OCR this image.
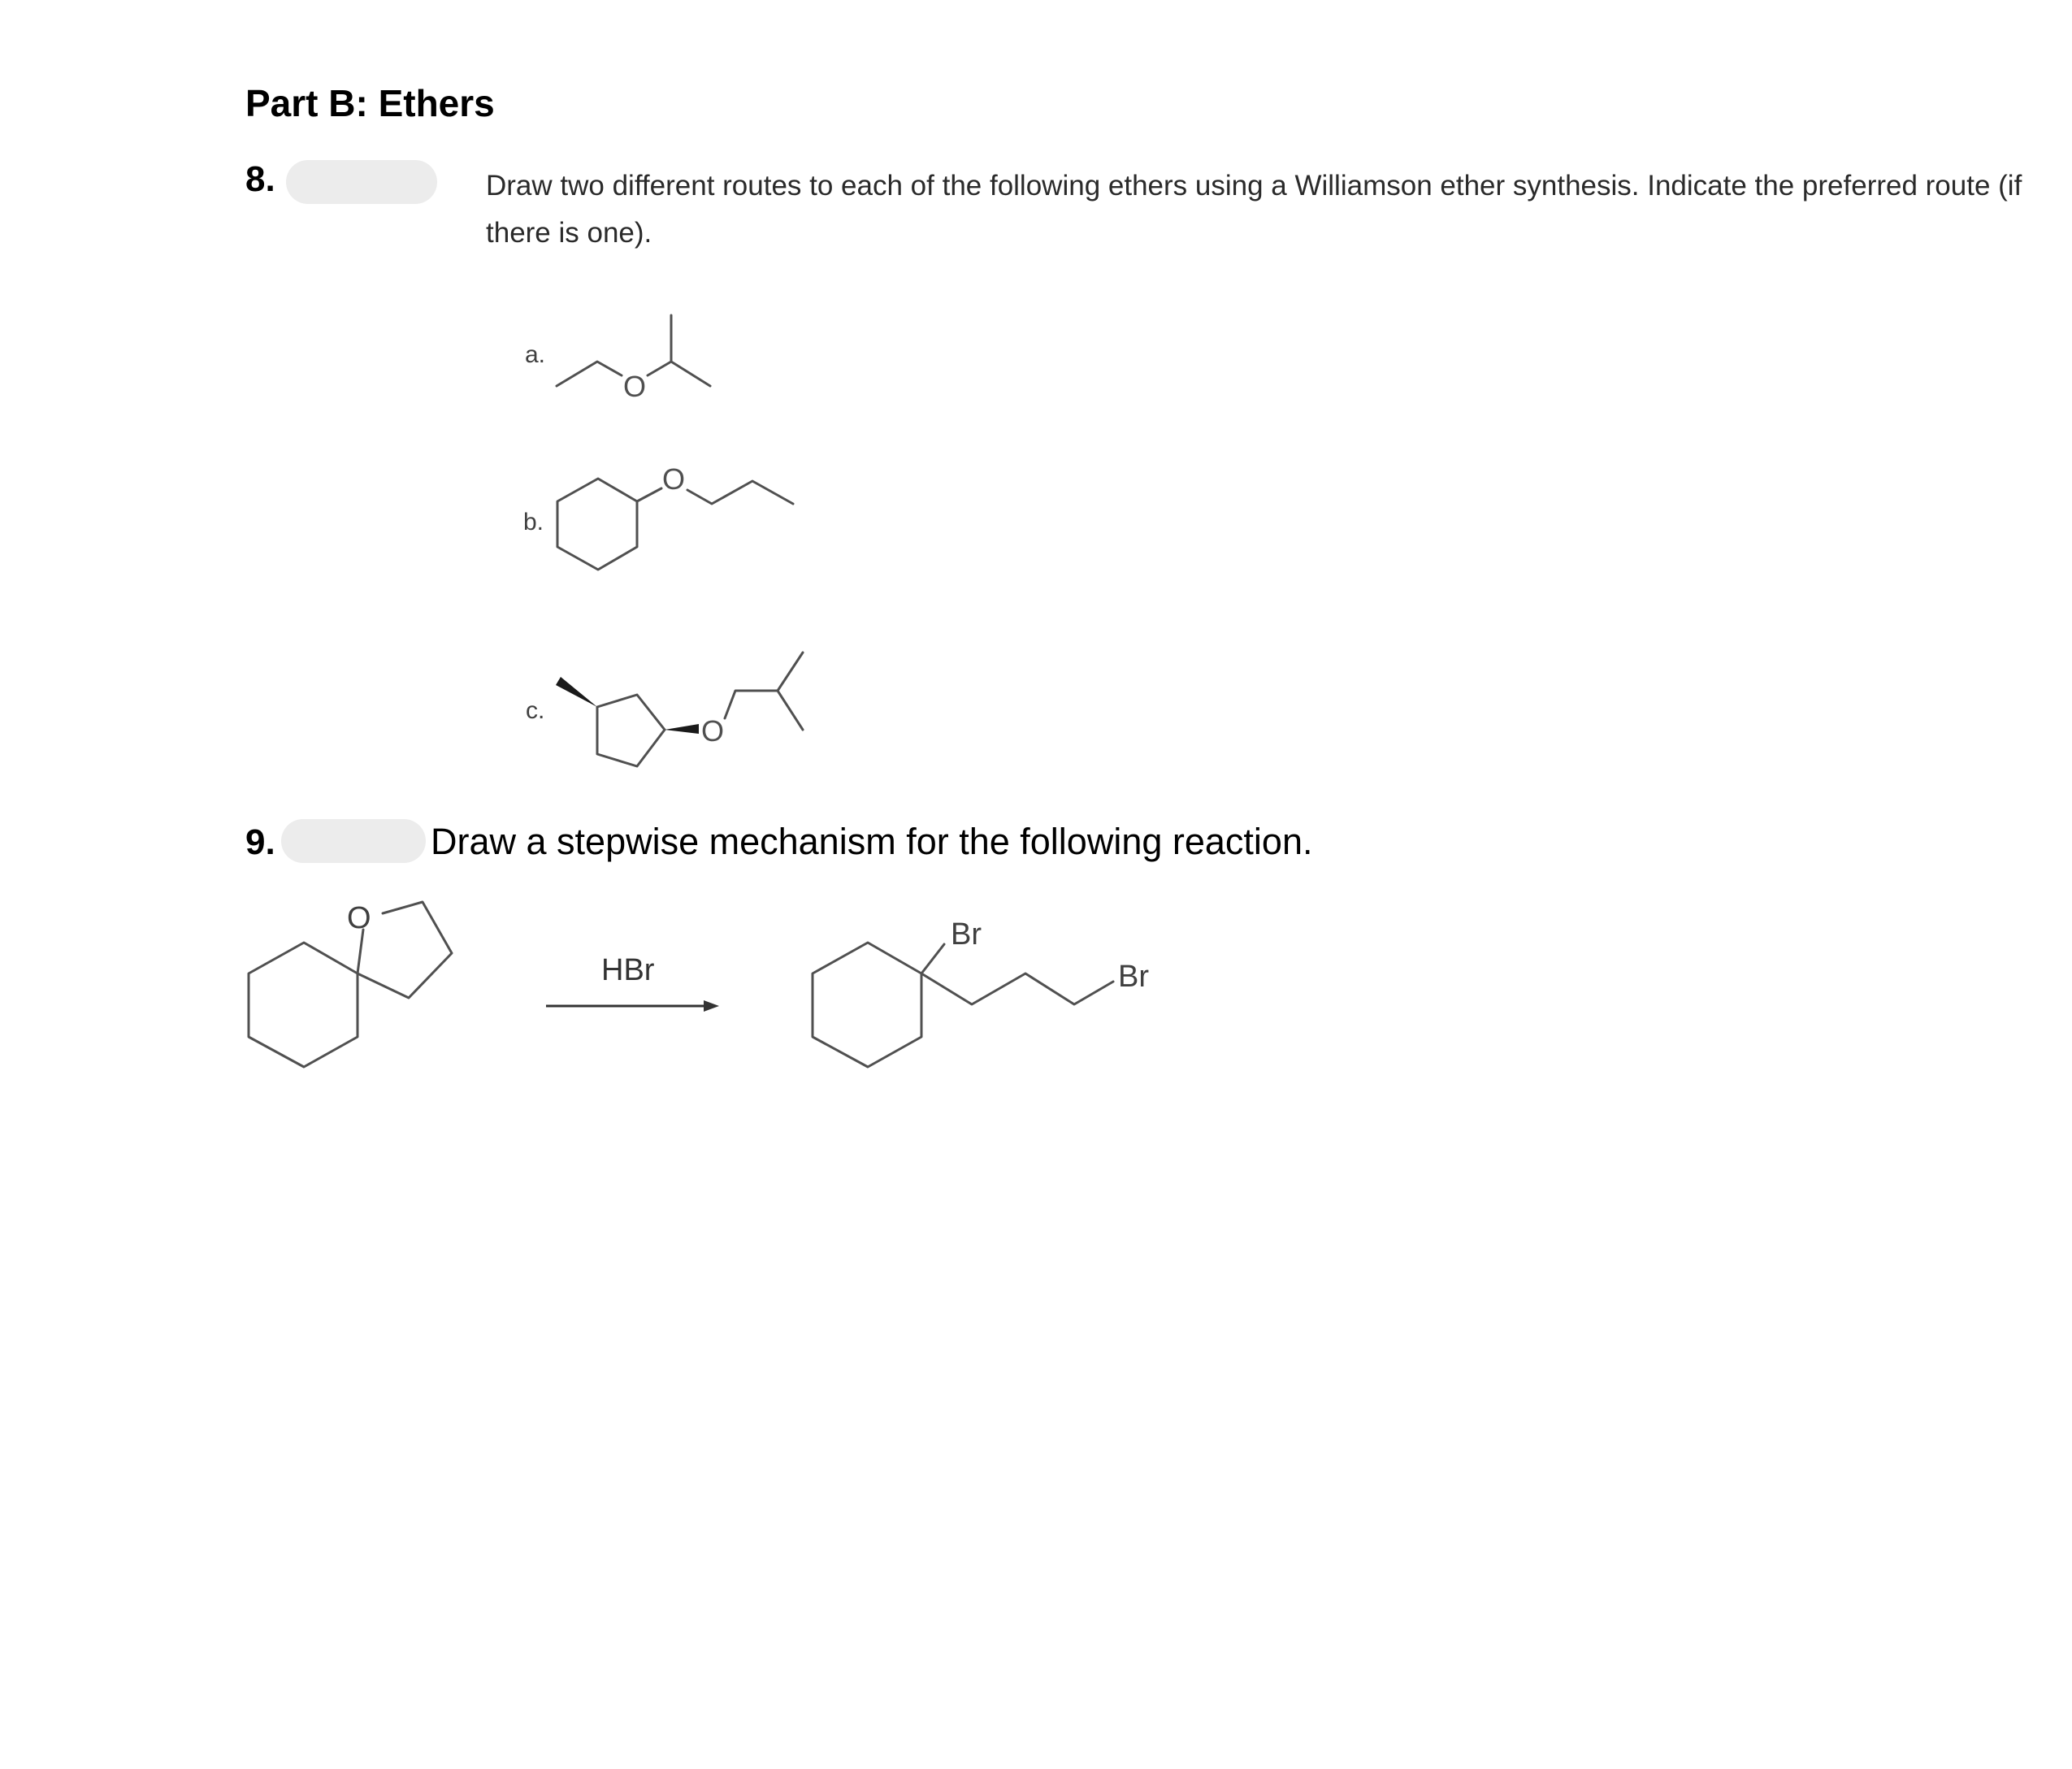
Part B: Ethers
8.	Draw two different routes to each of the following ethers using a Williamson ether synthesis. Indicate the preferred route (if there is one).

9.	Draw a stepwise mechanism for the following reaction.

a.
O
b.
O
c.
O
O
HBr
Br
Br
